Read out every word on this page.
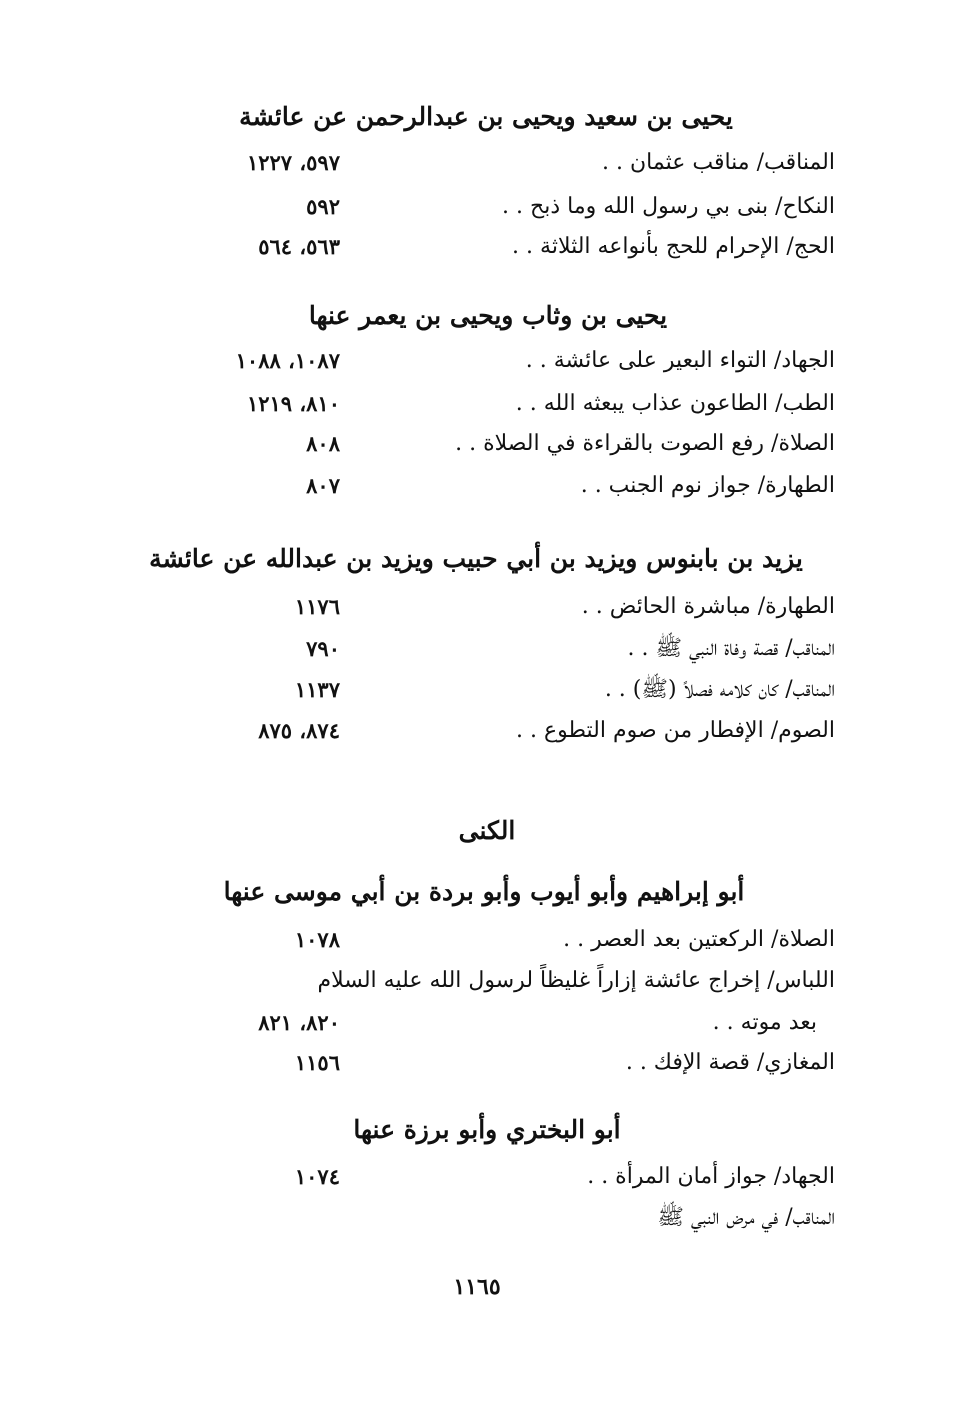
يحيى بن سعيد ويحيى بن عبدالرحمن عن عائشة
المناقب/ مناقب عثمان . .
٥٩٧، ١٢٢٧
النكاح/ بنى بي رسول الله وما ذبح . .
٥٩٢
الحج/ الإحرام للحج بأنواعه الثلاثة . .
٥٦٣، ٥٦٤
يحيى بن وثاب ويحيى بن يعمر عنها
الجهاد/ التواء البعير على عائشة . .
١٠٨٧، ١٠٨٨
الطب/ الطاعون عذاب يبعثه الله . .
٨١٠، ١٢١٩
الصلاة/ رفع الصوت بالقراءة في الصلاة . .
٨٠٨
الطهارة/ جواز نوم الجنب . .
٨٠٧
يزيد بن بابنوس ويزيد بن أبي حبيب ويزيد بن عبدالله عن عائشة
الطهارة/ مباشرة الحائض . .
١١٧٦
المناقب/ قصة وفاة النبي ﷺ . .
٧٩٠
المناقب/ كان كلامه فصلاً (ﷺ) . .
١١٣٧
الصوم/ الإفطار من صوم التطوع . .
٨٧٤، ٨٧٥
الكنى
أبو إبراهيم وأبو أيوب وأبو بردة بن أبي موسى عنها
الصلاة/ الركعتين بعد العصر . .
١٠٧٨
اللباس/ إخراج عائشة إزاراً غليظاً لرسول الله عليه السلام
بعد موته . .
٨٢٠، ٨٢١
المغازي/ قصة الإفك . .
١١٥٦
أبو البختري وأبو برزة عنها
الجهاد/ جواز أمان المرأة . .
١٠٧٤
المناقب/ في مرض النبي ﷺ
١١٦٥
